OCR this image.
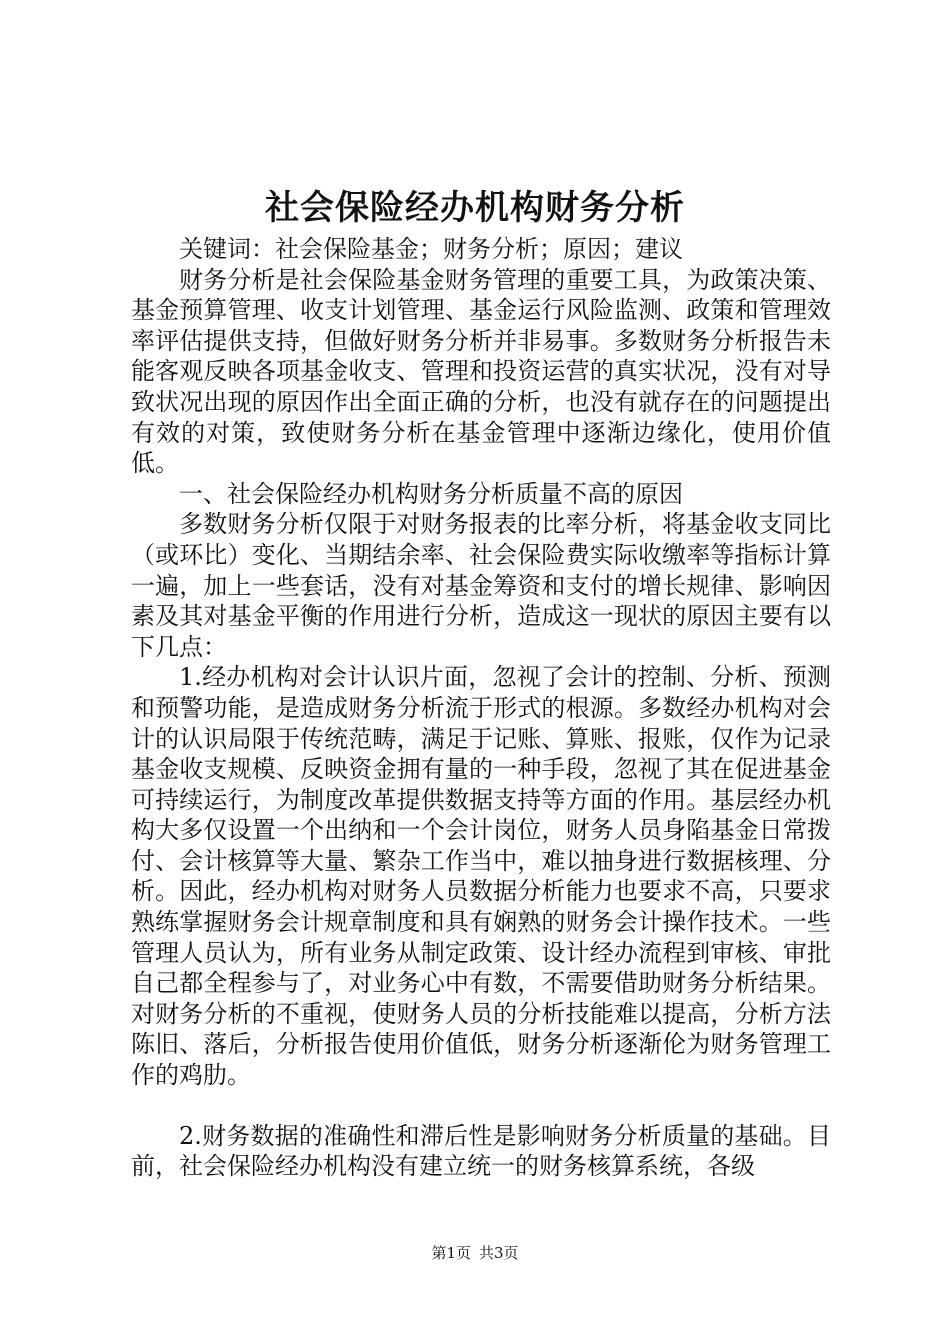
社会保险经办机构财务分析

关键词：社会保险基金；财务分析；原因；建议

财务分析是社会保险基金财务管理的重要工具，为政策决策、基金预算管理、收支计划管理、基金运行风险监测、政策和管理效率评估提供支持，但做好财务分析并非易事。多数财务分析报告未能客观反映各项基金收支、管理和投资运营的真实状况，没有对导致状况出现的原因作出全面正确的分析，也没有就存在的问题提出有效的对策，致使财务分析在基金管理中逐渐边缘化，使用价值低。

一、社会保险经办机构财务分析质量不高的原因

多数财务分析仅限于对财务报表的比率分析，将基金收支同比（或环比）变化、当期结余率、社会保险费实际收缴率等指标计算一遍，加上一些套话，没有对基金筹资和支付的增长规律、影响因素及其对基金平衡的作用进行分析，造成这一现状的原因主要有以下几点：

1.经办机构对会计认识片面，忽视了会计的控制、分析、预测和预警功能，是造成财务分析流于形式的根源。多数经办机构对会计的认识局限于传统范畴，满足于记账、算账、报账，仅作为记录基金收支规模、反映资金拥有量的一种手段，忽视了其在促进基金可持续运行，为制度改革提供数据支持等方面的作用。基层经办机构大多仅设置一个出纳和一个会计岗位，财务人员身陷基金日常拨付、会计核算等大量、繁杂工作当中，难以抽身进行数据核理、分析。因此，经办机构对财务人员数据分析能力也要求不高，只要求熟练掌握财务会计规章制度和具有娴熟的财务会计操作技术。一些管理人员认为，所有业务从制定政策、设计经办流程到审核、审批自己都全程参与了，对业务心中有数，不需要借助财务分析结果。对财务分析的不重视，使财务人员的分析技能难以提高，分析方法陈旧、落后，分析报告使用价值低，财务分析逐渐伦为财务管理工作的鸡肋。

2.财务数据的准确性和滞后性是影响财务分析质量的基础。目前，社会保险经办机构没有建立统一的财务核算系统，各级

第1页 共3页
